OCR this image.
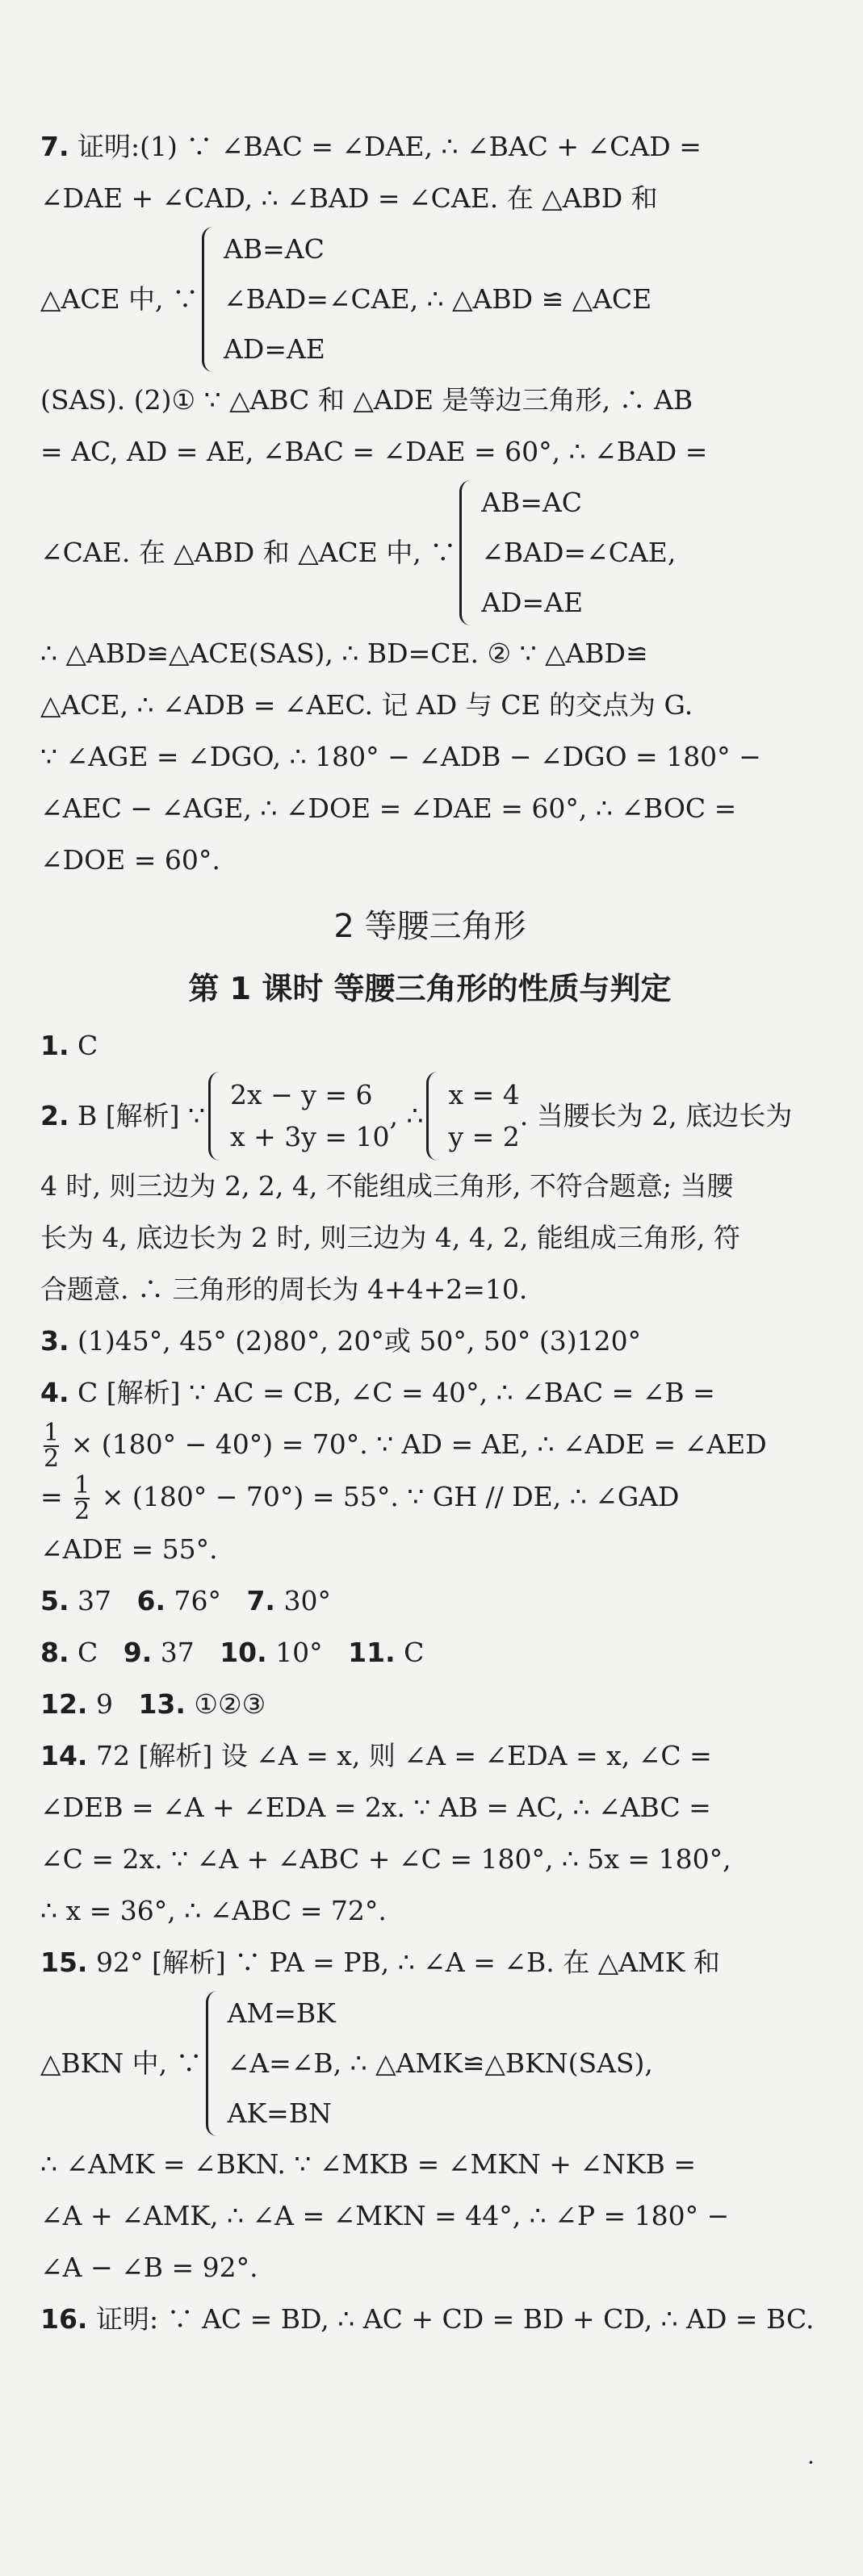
7. 证明:(1) ∵ ∠BAC = ∠DAE, ∴ ∠BAC + ∠CAD =

∠DAE + ∠CAD, ∴ ∠BAD = ∠CAE. 在 △ABD 和

△ACE 中, ∵
AB=AC
∠BAD=∠CAE, ∴ △ABD ≌ △ACE
AD=AE

(SAS). (2)① ∵ △ABC 和 △ADE 是等边三角形, ∴ AB

= AC, AD = AE, ∠BAC = ∠DAE = 60°, ∴ ∠BAD =

∠CAE. 在 △ABD 和 △ACE 中, ∵
AB=AC
∠BAD=∠CAE,
AD=AE

∴ △ABD≌△ACE(SAS), ∴ BD=CE. ② ∵ △ABD≌

△ACE, ∴ ∠ADB = ∠AEC. 记 AD 与 CE 的交点为 G.

∵ ∠AGE = ∠DGO, ∴ 180° − ∠ADB − ∠DGO = 180° −

∠AEC − ∠AGE, ∴ ∠DOE = ∠DAE = 60°, ∴ ∠BOC =

∠DOE = 60°.

2 等腰三角形
第 1 课时 等腰三角形的性质与判定

1. C

2.
B [解析] ∵
2x − y = 6
x + 3y = 10
, ∴
x = 4
y = 2
. 当腰长为 2, 底边长为

4 时, 则三边为 2, 2, 4, 不能组成三角形, 不符合题意; 当腰

长为 4, 底边长为 2 时, 则三边为 4, 4, 2, 能组成三角形, 符

合题意. ∴ 三角形的周长为 4+4+2=10.

3. (1)45°, 45° (2)80°, 20°或 50°, 50° (3)120°

4. C [解析] ∵ AC = CB, ∠C = 40°, ∴ ∠BAC = ∠B =

$\frac{1}{2} \times (180^\circ - 40^\circ) = 70^\circ$. ∵ AD = AE, ∴ ∠ADE = ∠AED

= $\frac{1}{2} \times (180^\circ - 70^\circ) = 55^\circ$. ∵ GH // DE, ∴ ∠GAD

∠ADE = 55°.

5. 37 6. 76° 7. 30°

8. C 9. 37 10. 10° 11. C

12. 9 13. ①②③

14. 72 [解析] 设 ∠A = x, 则 ∠A = ∠EDA = x, ∠C =

∠DEB = ∠A + ∠EDA = 2x. ∵ AB = AC, ∴ ∠ABC =

∠C = 2x. ∵ ∠A + ∠ABC + ∠C = 180°, ∴ 5x = 180°,

∴ x = 36°, ∴ ∠ABC = 72°.

15. 92° [解析] ∵ PA = PB, ∴ ∠A = ∠B. 在 △AMK 和

△BKN 中, ∵
AM=BK
∠A=∠B, ∴ △AMK≌△BKN(SAS),
AK=BN

∴ ∠AMK = ∠BKN. ∵ ∠MKB = ∠MKN + ∠NKB =

∠A + ∠AMK, ∴ ∠A = ∠MKN = 44°, ∴ ∠P = 180° −

∠A − ∠B = 92°.

16. 证明: ∵ AC = BD, ∴ AC + CD = BD + CD, ∴ AD = BC.

·
